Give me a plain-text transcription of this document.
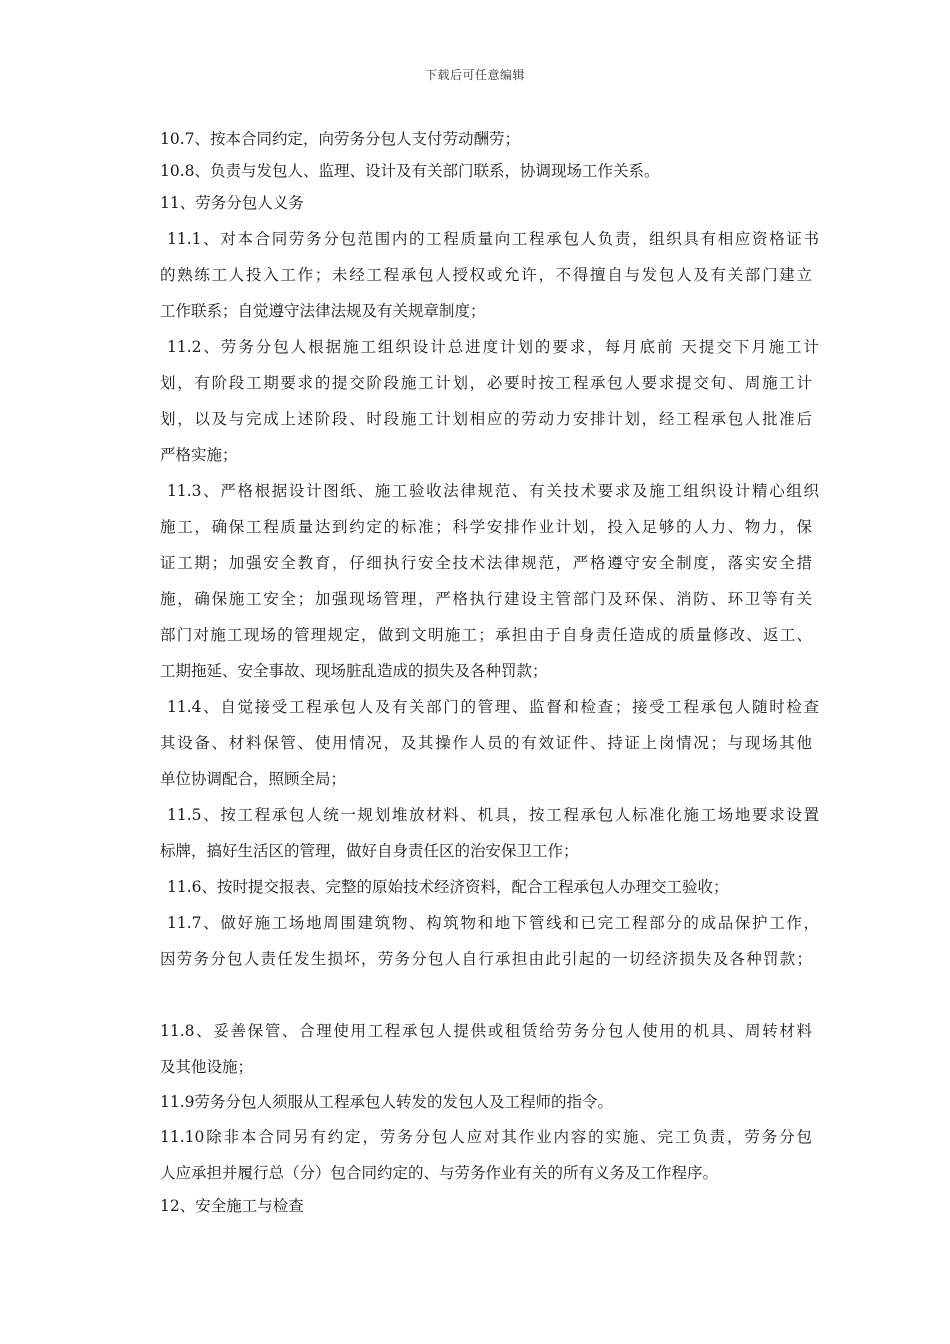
下载后可任意编辑
10.7、按本合同约定，向劳务分包人支付劳动酬劳；
10.8、负责与发包人、监理、设计及有关部门联系，协调现场工作关系。
11、劳务分包人义务
11.1、对本合同劳务分包范围内的工程质量向工程承包人负责，组织具有相应资格证书
的熟练工人投入工作；未经工程承包人授权或允许，不得擅自与发包人及有关部门建立
工作联系；自觉遵守法律法规及有关规章制度；
11.2、劳务分包人根据施工组织设计总进度计划的要求，每月底前 天提交下月施工计
划，有阶段工期要求的提交阶段施工计划，必要时按工程承包人要求提交旬、周施工计
划，以及与完成上述阶段、时段施工计划相应的劳动力安排计划，经工程承包人批准后
严格实施；
11.3、严格根据设计图纸、施工验收法律规范、有关技术要求及施工组织设计精心组织
施工，确保工程质量达到约定的标准；科学安排作业计划，投入足够的人力、物力，保
证工期；加强安全教育，仔细执行安全技术法律规范，严格遵守安全制度，落实安全措
施，确保施工安全；加强现场管理，严格执行建设主管部门及环保、消防、环卫等有关
部门对施工现场的管理规定，做到文明施工；承担由于自身责任造成的质量修改、返工、
工期拖延、安全事故、现场脏乱造成的损失及各种罚款；
11.4、自觉接受工程承包人及有关部门的管理、监督和检查；接受工程承包人随时检查
其设备、材料保管、使用情况，及其操作人员的有效证件、持证上岗情况；与现场其他
单位协调配合，照顾全局；
11.5、按工程承包人统一规划堆放材料、机具，按工程承包人标准化施工场地要求设置
标牌，搞好生活区的管理，做好自身责任区的治安保卫工作；
11.6、按时提交报表、完整的原始技术经济资料，配合工程承包人办理交工验收；
11.7、做好施工场地周围建筑物、构筑物和地下管线和已完工程部分的成品保护工作，
因劳务分包人责任发生损坏，劳务分包人自行承担由此引起的一切经济损失及各种罚款；
11.8、妥善保管、合理使用工程承包人提供或租赁给劳务分包人使用的机具、周转材料
及其他设施；
11.9劳务分包人须服从工程承包人转发的发包人及工程师的指令。
11.10除非本合同另有约定，劳务分包人应对其作业内容的实施、完工负责，劳务分包
人应承担并履行总（分）包合同约定的、与劳务作业有关的所有义务及工作程序。
12、安全施工与检查
